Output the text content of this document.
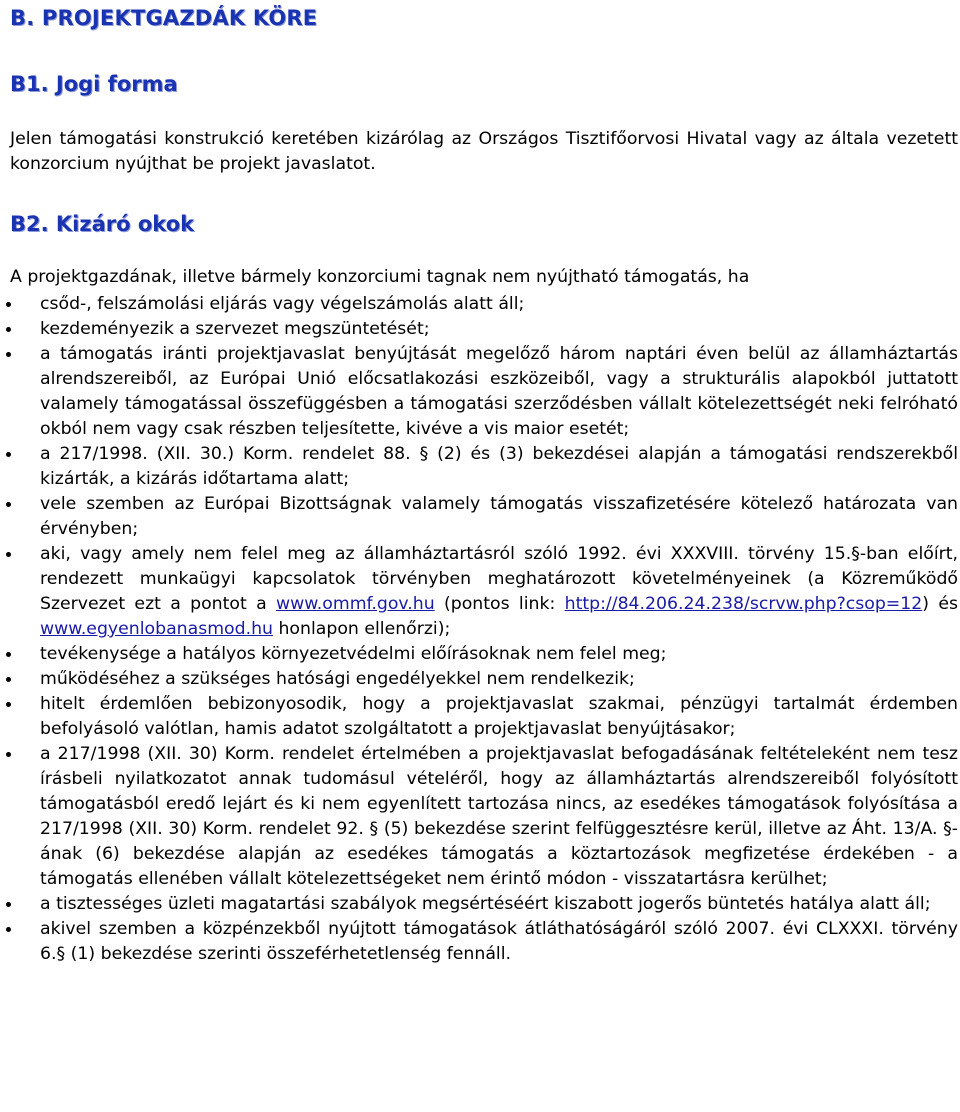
B. PROJEKTGAZDÁK KÖRE
B1. Jogi forma

Jelen támogatási konstrukció keretében kizárólag az Országos Tisztifőorvosi Hivatal vagy az általa vezetett konzorcium nyújthat be projekt javaslatot.

B2. Kizáró okok

A projektgazdának, illetve bármely konzorciumi tagnak nem nyújtható támogatás, ha

csőd-, felszámolási eljárás vagy végelszámolás alatt áll;
kezdeményezik a szervezet megszüntetését;
a támogatás iránti projektjavaslat benyújtását megelőző három naptári éven belül az államháztartás alrendszereiből, az Európai Unió előcsatlakozási eszközeiből, vagy a strukturális alapokból juttatott valamely támogatással összefüggésben a támogatási szerződésben vállalt kötelezettségét neki felróható okból nem vagy csak részben teljesítette, kivéve a vis maior esetét;
a 217/1998. (XII. 30.) Korm. rendelet 88. § (2) és (3) bekezdései alapján a támogatási rendszerekből kizárták, a kizárás időtartama alatt;
vele szemben az Európai Bizottságnak valamely támogatás visszafizetésére kötelező határozata van érvényben;
aki, vagy amely nem felel meg az államháztartásról szóló 1992. évi XXXVIII. törvény 15.§-ban előírt, rendezett munkaügyi kapcsolatok törvényben meghatározott követelményeinek (a Közreműködő Szervezet ezt a pontot a www.ommf.gov.hu (pontos link: http://84.206.24.238/scrvw.php?csop=12) és www.egyenlobanasmod.hu honlapon ellenőrzi);
tevékenysége a hatályos környezetvédelmi előírásoknak nem felel meg;
működéséhez a szükséges hatósági engedélyekkel nem rendelkezik;
hitelt érdemlően bebizonyosodik, hogy a projektjavaslat szakmai, pénzügyi tartalmát érdemben befolyásoló valótlan, hamis adatot szolgáltatott a projektjavaslat benyújtásakor;
a 217/1998 (XII. 30) Korm. rendelet értelmében a projektjavaslat befogadásának feltételeként nem tesz írásbeli nyilatkozatot annak tudomásul vételéről, hogy az államháztartás alrendszereiből folyósított támogatásból eredő lejárt és ki nem egyenlített tartozása nincs, az esedékes támogatások folyósítása a 217/1998 (XII. 30) Korm. rendelet 92. § (5) bekezdése szerint felfüggesztésre kerül, illetve az Áht. 13/A. §-ának (6) bekezdése alapján az esedékes támogatás a köztartozások megfizetése érdekében - a támogatás ellenében vállalt kötelezettségeket nem érintő módon - visszatartásra kerülhet;
a tisztességes üzleti magatartási szabályok megsértéséért kiszabott jogerős büntetés hatálya alatt áll;
akivel szemben a közpénzekből nyújtott támogatások átláthatóságáról szóló 2007. évi CLXXXI. törvény 6.§ (1) bekezdése szerinti összeférhetetlenség fennáll.
